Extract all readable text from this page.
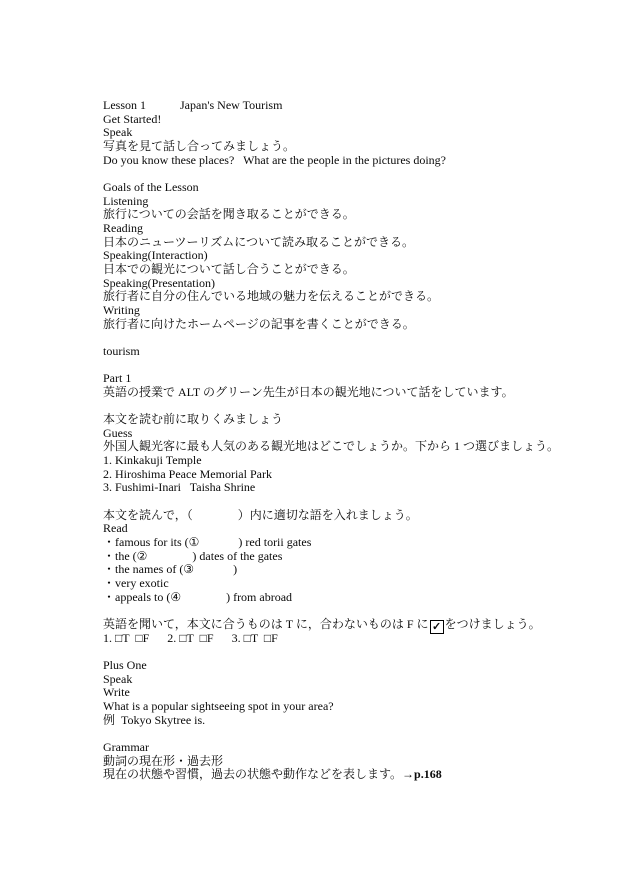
Lesson 1	Japan's New Tourism
Get Started!
Speak
写真を見て話し合ってみましょう。
Do you know these places?   What are the people in the pictures doing?
Goals of the Lesson
Listening
旅行についての会話を聞き取ることができる。
Reading
日本のニューツーリズムについて読み取ることができる。
Speaking(Interaction)
日本での観光について話し合うことができる。
Speaking(Presentation)
旅行者に自分の住んでいる地域の魅力を伝えることができる。
Writing
旅行者に向けたホームページの記事を書くことができる。
tourism
Part 1
英語の授業で ALT のグリーン先生が日本の観光地について話をしています。
本文を読む前に取りくみましょう
Guess
外国人観光客に最も人気のある観光地はどこでしょうか。下から 1 つ選びましょう。
1. Kinkakuji Temple
2. Hiroshima Peace Memorial Park
3. Fushimi-Inari   Taisha Shrine
本文を読んで，（               ）内に適切な語を入れましょう。
Read
・famous for its (①             ) red torii gates
・the (②               ) dates of the gates
・the names of (③             )
・very exotic
・appeals to (④               ) from abroad
英語を聞いて，本文に合うものは T に，合わないものは F に ✓ をつけましょう。
1. □T  □F      2. □T  □F      3. □T  □F
Plus One
Speak
Write
What is a popular sightseeing spot in your area?
例  Tokyo Skytree is.
Grammar
動詞の現在形・過去形
現在の状態や習慣，過去の状態や動作などを表します。→p.168
